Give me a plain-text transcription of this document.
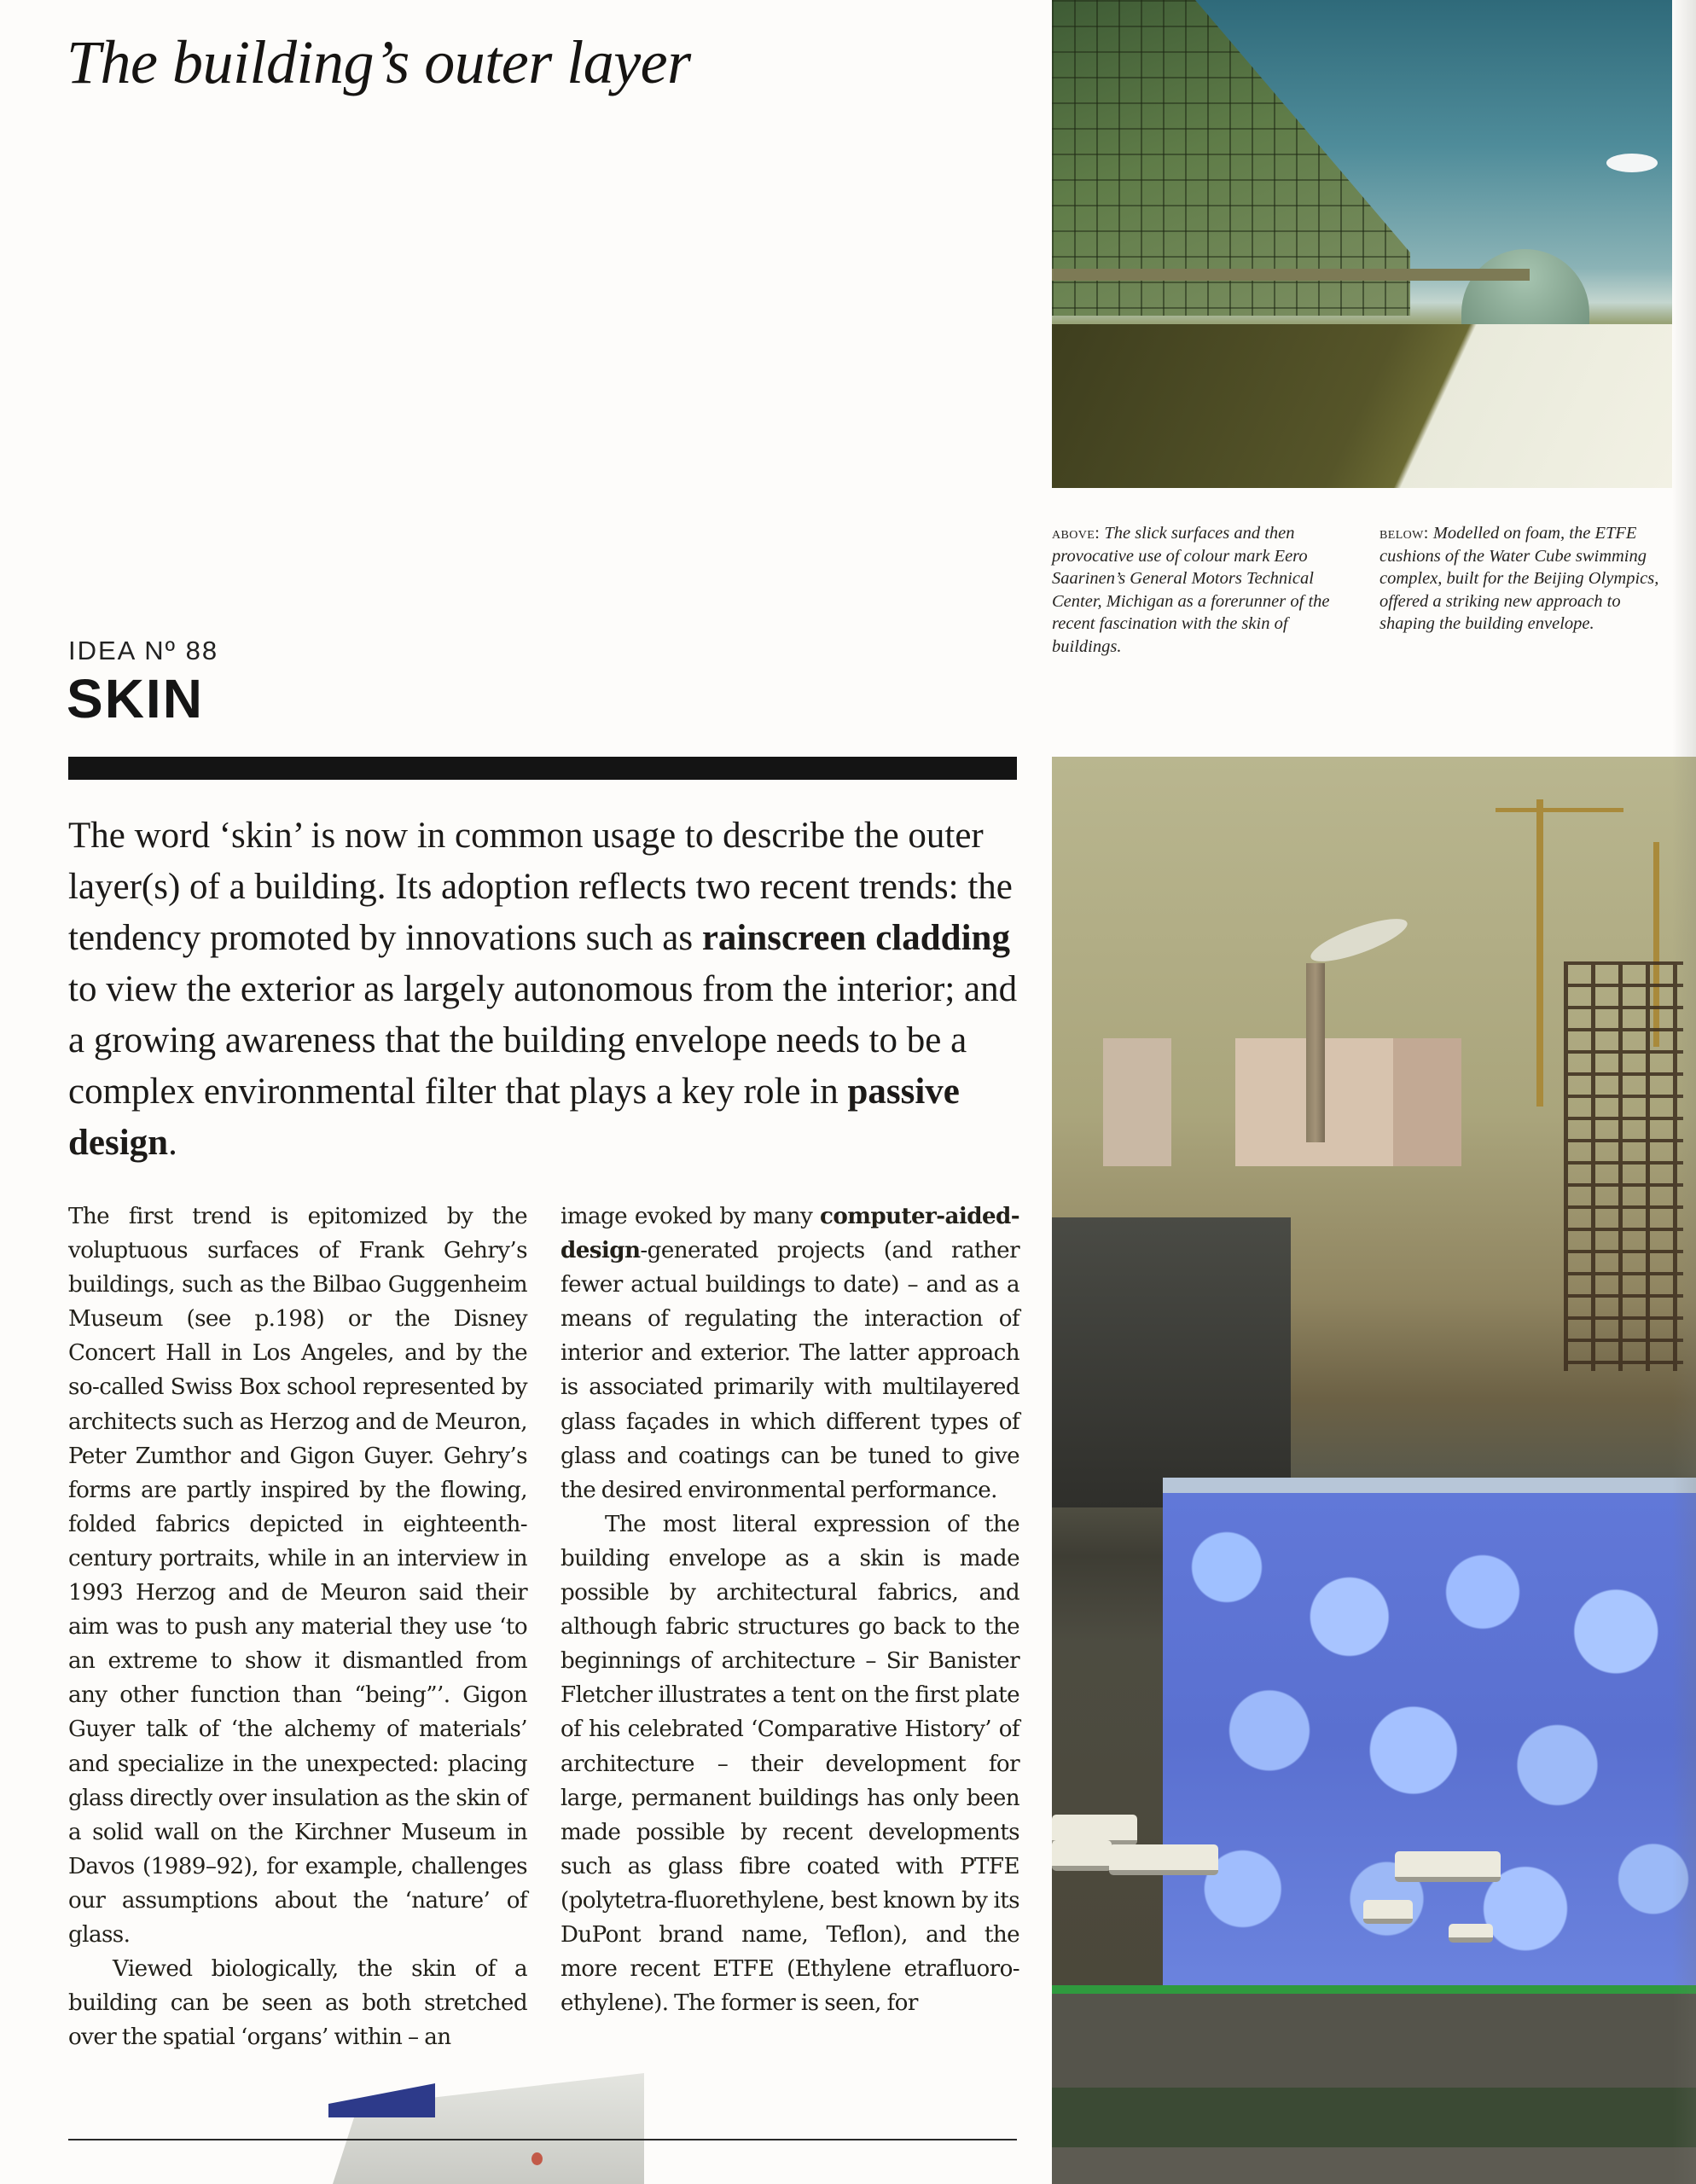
The building’s outer layer
above: The slick surfaces and then provocative use of colour mark Eero Saarinen’s General Motors Technical Center, Michigan as a forerunner of the recent fascination with the skin of buildings.
below: Modelled on foam, the ETFE cushions of the Water Cube swimming complex, built for the Beijing Olympics, offered a striking new approach to shaping the building envelope.
IDEA Nº 88
SKIN
The word ‘skin’ is now in common usage to describe the outer layer(s) of a building. Its adoption reflects two recent trends: the tendency promoted by innovations such as rainscreen cladding to view the exterior as largely autonomous from the interior; and a growing awareness that the building envelope needs to be a complex environmental filter that plays a key role in passive design.

The first trend is epitomized by the voluptuous surfaces of Frank Gehry’s buildings, such as the Bilbao Guggenheim Museum (see p.198) or the Disney Concert Hall in Los Angeles, and by the so-called Swiss Box school represented by architects such as Herzog and de Meuron, Peter Zumthor and Gigon Guyer. Gehry’s forms are partly inspired by the flowing, folded fabrics depicted in eighteenth-century portraits, while in an interview in 1993 Herzog and de Meuron said their aim was to push any material they use ‘to an extreme to show it dismantled from any other function than “being”’. Gigon Guyer talk of ‘the alchemy of materials’ and specialize in the unexpected: placing glass directly over insulation as the skin of a solid wall on the Kirchner Museum in Davos (1989–92), for example, challenges our assumptions about the ‘nature’ of glass.

Viewed biologically, the skin of a building can be seen as both stretched over the spatial ‘organs’ within – an

image evoked by many computer-aided-design-generated projects (and rather fewer actual buildings to date) – and as a means of regulating the interaction of interior and exterior. The latter approach is associated primarily with multilayered glass façades in which different types of glass and coatings can be tuned to give the desired environmental performance.

The most literal expression of the building envelope as a skin is made possible by architectural fabrics, and although fabric structures go back to the beginnings of architecture – Sir Banister Fletcher illustrates a tent on the first plate of his celebrated ‘Comparative History’ of architecture – their development for large, permanent buildings has only been made possible by recent developments such as glass fibre coated with PTFE (polytetra-fluorethylene, best known by its DuPont brand name, Teflon), and the more recent ETFE (Ethylene etrafluoro-ethylene). The former is seen, for
